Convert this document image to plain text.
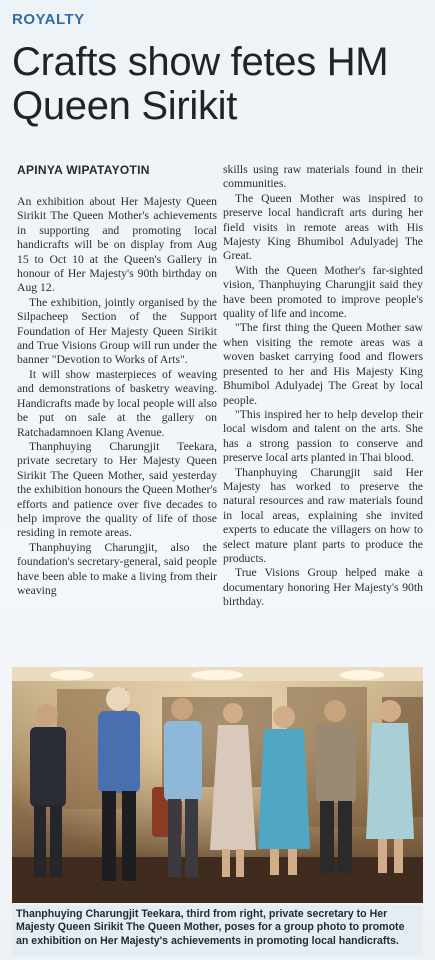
ROYALTY
Crafts show fetes HM Queen Sirikit
APINYA WIPATAYOTIN

An exhibition about Her Majesty Queen Sirikit The Queen Mother's achievements in supporting and promoting local handicrafts will be on display from Aug 15 to Oct 10 at the Queen's Gallery in honour of Her Majesty's 90th birthday on Aug 12.

The exhibition, jointly organised by the Silpacheep Section of the Support Foundation of Her Majesty Queen Sirikit and True Visions Group will run under the banner "Devotion to Works of Arts".

It will show masterpieces of weaving and demonstrations of basketry weaving. Handicrafts made by local people will also be put on sale at the gallery on Ratchadamnoen Klang Avenue.

Thanphuying Charungjit Teekara, private secretary to Her Majesty Queen Sirikit The Queen Mother, said yesterday the exhibition honours the Queen Mother's efforts and patience over five decades to help improve the quality of life of those residing in remote areas.

Thanphuying Charungjit, also the foundation's secretary-general, said people have been able to make a living from their weaving

skills using raw materials found in their communities.

The Queen Mother was inspired to preserve local handicraft arts during her field visits in remote areas with His Majesty King Bhumibol Adulyadej The Great.

With the Queen Mother's far-sighted vision, Thanphuying Charungjit said they have been promoted to improve people's quality of life and income.

"The first thing the Queen Mother saw when visiting the remote areas was a woven basket carrying food and flowers presented to her and His Majesty King Bhumibol Adulyadej The Great by local people.

"This inspired her to help develop their local wisdom and talent on the arts. She has a strong passion to conserve and preserve local arts planted in Thai blood.

Thanphuying Charungjit said Her Majesty has worked to preserve the natural resources and raw materials found in local areas, explaining she invited experts to educate the villagers on how to select mature plant parts to produce the products.

True Visions Group helped make a documentary honoring Her Majesty's 90th birthday.

Thanphuying Charungjit Teekara, third from right, private secretary to Her Majesty Queen Sirikit The Queen Mother, poses for a group photo to promote an exhibition on Her Majesty's achievements in promoting local handicrafts.
